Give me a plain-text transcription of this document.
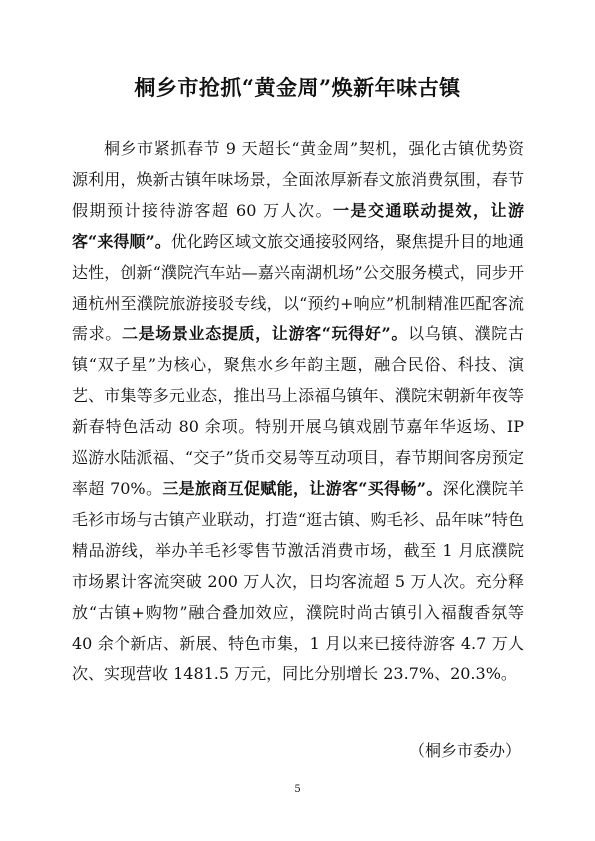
桐乡市抢抓“黄金周”焕新年味古镇

桐乡市紧抓春节 9 天超长“黄金周”契机，强化古镇优势资源利用，焕新古镇年味场景，全面浓厚新春文旅消费氛围，春节假期预计接待游客超 60 万人次。一是交通联动提效，让游客“来得顺”。优化跨区域文旅交通接驳网络，聚焦提升目的地通达性，创新“濮院汽车站—嘉兴南湖机场”公交服务模式，同步开通杭州至濮院旅游接驳专线，以“预约+响应”机制精准匹配客流需求。二是场景业态提质，让游客“玩得好”。以乌镇、濮院古镇“双子星”为核心，聚焦水乡年韵主题，融合民俗、科技、演艺、市集等多元业态，推出马上添福乌镇年、濮院宋朝新年夜等新春特色活动 80 余项。特别开展乌镇戏剧节嘉年华返场、IP 巡游水陆派福、“交子”货币交易等互动项目，春节期间客房预定率超 70%。三是旅商互促赋能，让游客“买得畅”。深化濮院羊毛衫市场与古镇产业联动，打造“逛古镇、购毛衫、品年味”特色精品游线，举办羊毛衫零售节激活消费市场，截至 1 月底濮院市场累计客流突破 200 万人次，日均客流超 5 万人次。充分释放“古镇+购物”融合叠加效应，濮院时尚古镇引入福馥香氛等 40 余个新店、新展、特色市集，1 月以来已接待游客 4.7 万人次、实现营收 1481.5 万元，同比分别增长 23.7%、20.3%。

（桐乡市委办）
5
